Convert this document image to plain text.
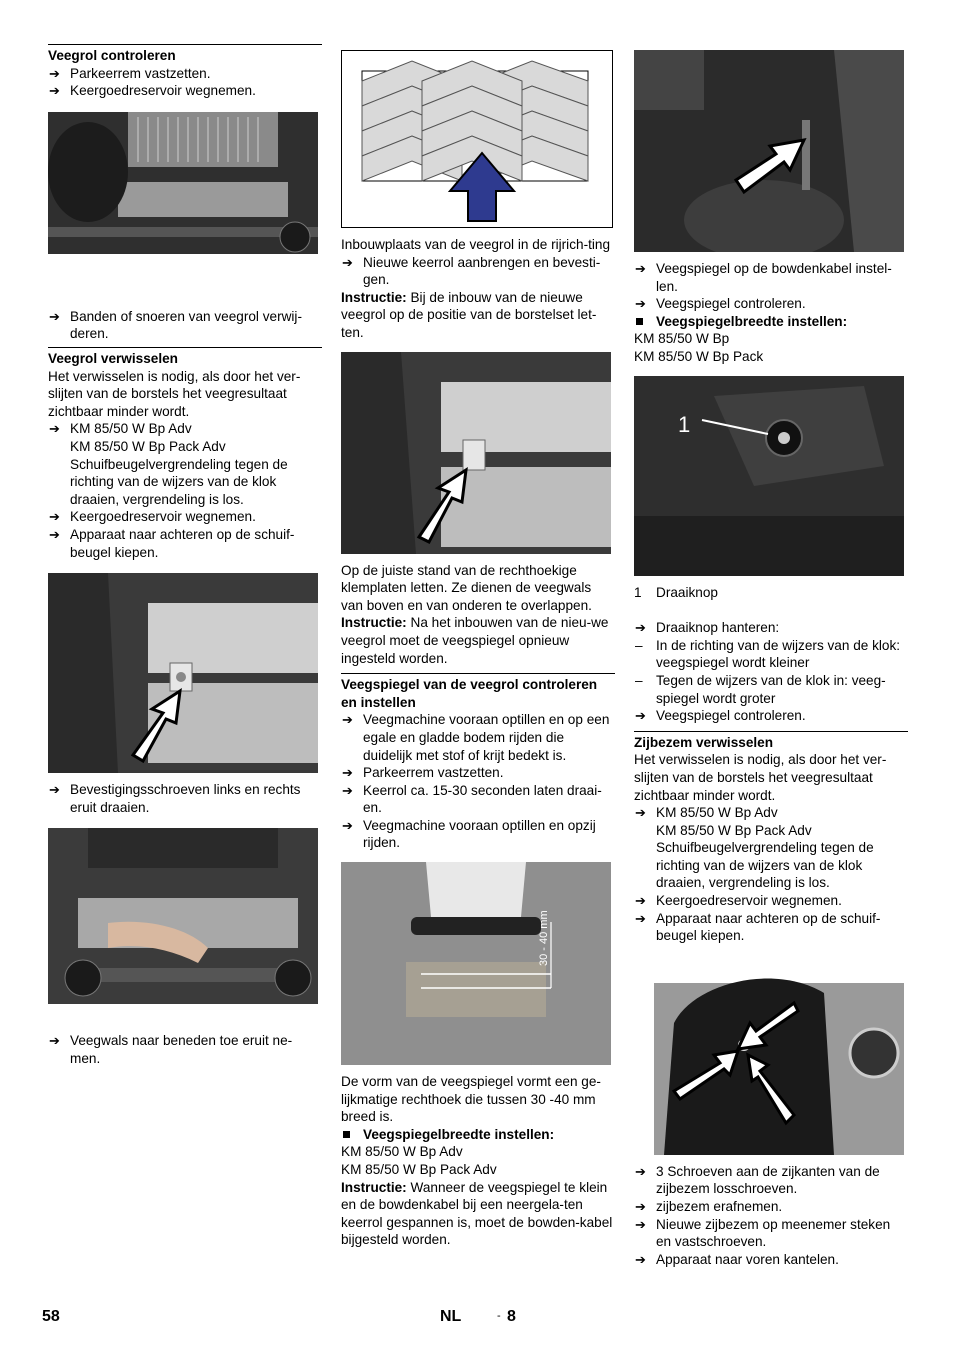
Veegrol controleren
➔ Parkeerrem vastzetten.
➔ Keergoedreservoir wegnemen.
➔ Banden of snoeren van veegrol verwij-deren.
Veegrol verwisselen
Het verwisselen is nodig, als door het ver-slijten van de borstels het veegresultaat zichtbaar minder wordt.
➔ KM 85/50 W Bp Adv
KM 85/50 W Bp Pack Adv
Schuifbeugelvergrendeling tegen de richting van de wijzers van de klok draaien, vergrendeling is los.
➔ Keergoedreservoir wegnemen.
➔ Apparaat naar achteren op de schuif-beugel kiepen.
➔ Bevestigingsschroeven links en rechts eruit draaien.
➔ Veegwals naar beneden toe eruit ne-men.
Inbouwplaats van de veegrol in de rijrich-ting
➔ Nieuwe keerrol aanbrengen en bevesti-gen.
Instructie: Bij de inbouw van de nieuwe veegrol op de positie van de borstelset let-ten.
Op de juiste stand van de rechthoekige klemplaten letten. Ze dienen de veegwals van boven en van onderen te overlappen.
Instructie: Na het inbouwen van de nieu-we veegrol moet de veegspiegel opnieuw ingesteld worden.
Veegspiegel van de veegrol controleren en instellen
➔ Veegmachine vooraan optillen en op een egale en gladde bodem rijden die duidelijk met stof of krijt bedekt is.
➔ Parkeerrem vastzetten.
➔ Keerrol ca. 15-30 seconden laten draai-en.
➔ Veegmachine vooraan optillen en opzij rijden.
30 - 40 mm
De vorm van de veegspiegel vormt een ge-lijkmatige rechthoek die tussen 30 -40 mm breed is.
Veegspiegelbreedte instellen:
KM 85/50 W Bp Adv
KM 85/50 W Bp Pack Adv
Instructie: Wanneer de veegspiegel te klein en de bowdenkabel bij een neergela-ten keerrol gespannen is, moet de bowden-kabel bijgesteld worden.
➔ Veegspiegel op de bowdenkabel instel-len.
➔ Veegspiegel controleren.
Veegspiegelbreedte instellen:
KM 85/50 W Bp
KM 85/50 W Bp Pack
1
1 Draaiknop
➔ Draaiknop hanteren:
– In de richting van de wijzers van de klok: veegspiegel wordt kleiner
– Tegen de wijzers van de klok in: veeg-spiegel wordt groter
➔ Veegspiegel controleren.
Zijbezem verwisselen
Het verwisselen is nodig, als door het ver-slijten van de borstels het veegresultaat zichtbaar minder wordt.
➔ KM 85/50 W Bp Adv
KM 85/50 W Bp Pack Adv
Schuifbeugelvergrendeling tegen de richting van de wijzers van de klok draaien, vergrendeling is los.
➔ Keergoedreservoir wegnemen.
➔ Apparaat naar achteren op de schuif-beugel kiepen.
➔ 3 Schroeven aan de zijkanten van de zijbezem losschroeven.
➔ zijbezem erafnemen.
➔ Nieuwe zijbezem op meenemer steken en vastschroeven.
➔ Apparaat naar voren kantelen.
58	NL	- 8
